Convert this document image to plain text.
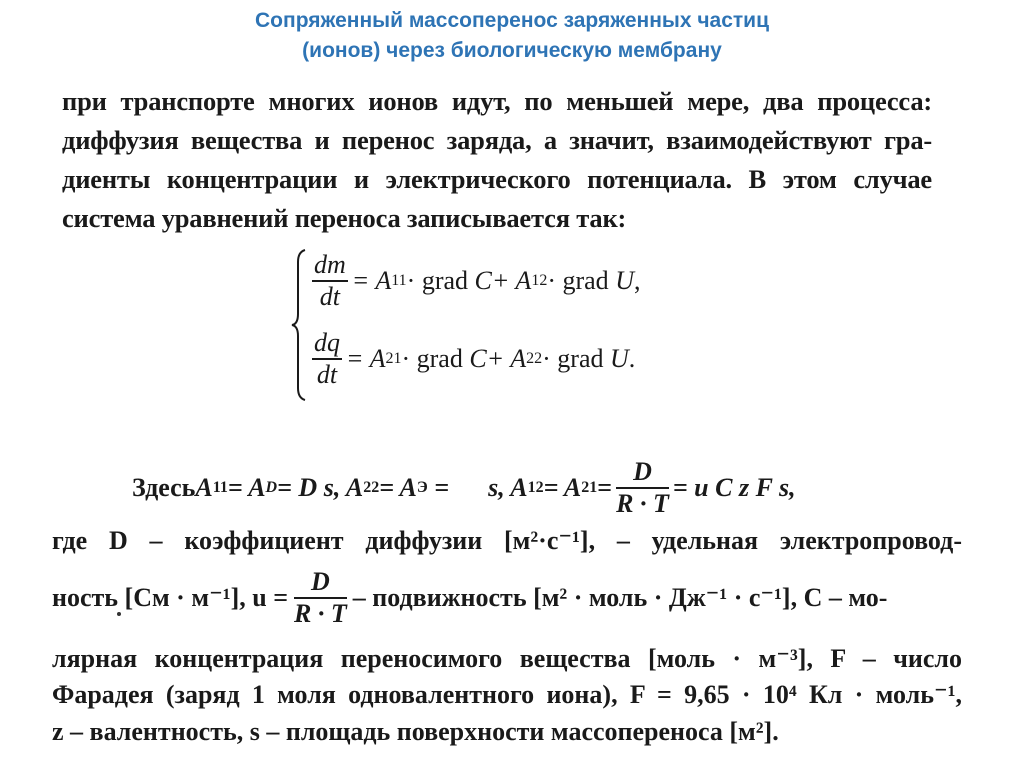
Сопряженный массоперенос заряженных частиц
(ионов) через биологическую мембрану
при транспорте многих ионов идут, по меньшей мере, два процесса:
диффузия вещества и перенос заряда, а значит, взаимодействуют гра-
диенты концентрации и электрического потенциала. В этом случае
система уравнений переноса записывается так:
$\frac{dm}{dt} = A$ 11 · grad
C + A 12 · grad
U ,
$\frac{dq}{dt} = A$ 21 · grad
C + A 22 · grad
U .
Здесь A 11 = A D = D s, A 22 = A Э =      s, A 12 = A $21 = \frac{D}{R \cdot T} = u$ C z F s,
где D – коэффициент диффузии [м²·с⁻¹], – удельная электропровод-
ность [См · м⁻¹], $u = \frac{D}{R \cdot T}$ – подвижность [м² · моль · Дж⁻¹ · с⁻¹], C – мо-
лярная концентрация переносимого вещества [моль · м⁻³], F – число
Фарадея (заряд 1 моля одновалентного иона), F = 9,65 · 10⁴ Кл · моль⁻¹,
z – валентность, s – площадь поверхности массопереноса [м²].
